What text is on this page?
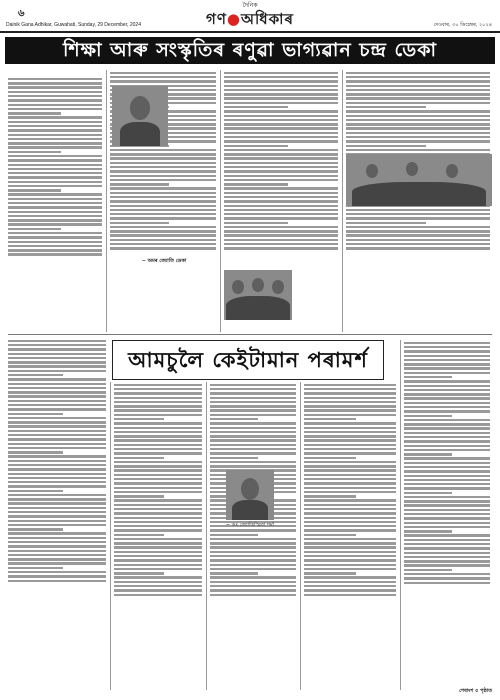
৬
Dainik Gana Adhikar, Guwahati, Sunday, 29 December, 2024
দৈনিক
গণ●অধিকাৰ	দেওবাৰ, ৩০ ডিচেম্বৰ, ২০২৪
শিক্ষা আৰু সংস্কৃতিৰ ৰণুৱা ভাগ্যৱান চন্দ্ৰ ডেকা

~ অমৰ জ্যোতি ডেকা
আমচুলৈ কেইটামান পৰামৰ্শ
~ ডঃ জ্যোতিস্মিতা শৰ্মা
শেষাংশ ৫ পৃষ্ঠাত
